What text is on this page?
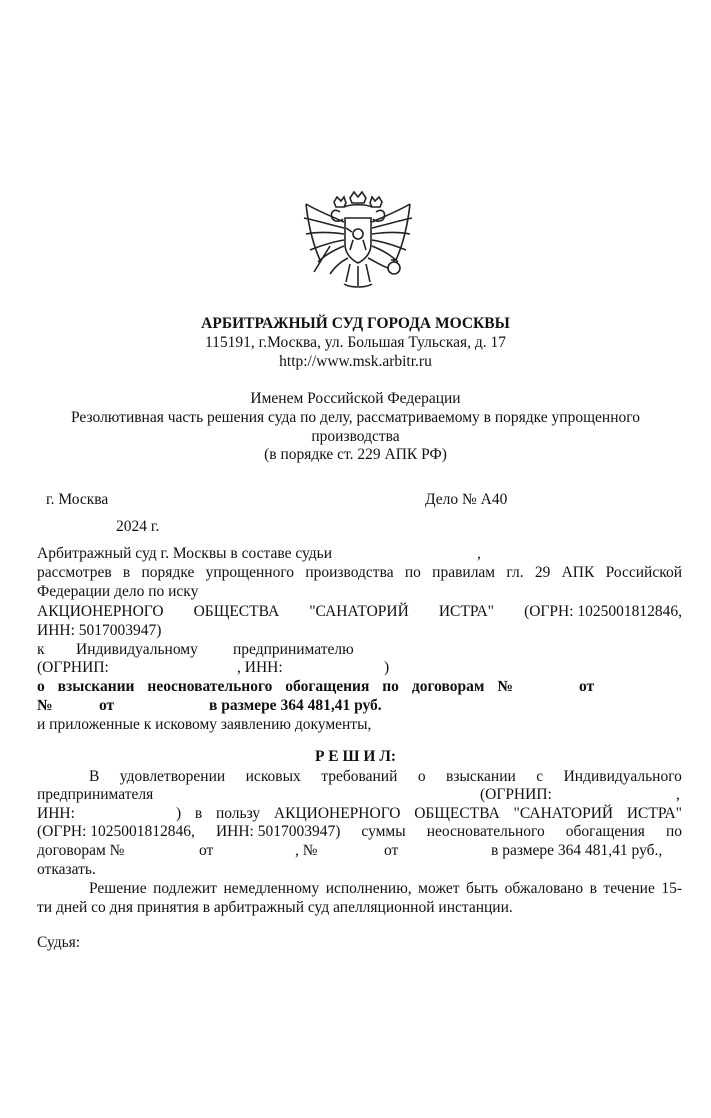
АРБИТРАЖНЫЙ СУД ГОРОДА МОСКВЫ
115191, г.Москва, ул. Большая Тульская, д. 17
http://www.msk.arbitr.ru
Именем Российской Федерации
Резолютивная часть решения суда по делу, рассматриваемому в порядке упрощенного
производства
(в порядке ст. 229 АПК РФ)
г. Москва	Дело № А40
2024 г.
Арбитражный суд г. Москвы в составе судьи	,
рассмотрев в порядке упрощенного производства по правилам гл. 29 АПК Российской
Федерации дело по иску
АКЦИОНЕРНОГО ОБЩЕСТВА "САНАТОРИЙ ИСТРА" (ОГРН: 1025001812846,
ИНН: 5017003947)
к Индивидуальному предпринимателю
(ОГРНИП:	, ИНН:	)
о взыскании неосновательного обогащения по договорам №	от
№	от	в размере 364 481,41 руб.
и приложенные к исковому заявлению документы,
Р Е Ш И Л:
В удовлетворении исковых требований о взыскании с Индивидуального
предпринимателя	(ОГРНИП:	,
ИНН:	) в пользу АКЦИОНЕРНОГО ОБЩЕСТВА "САНАТОРИЙ ИСТРА"
(ОГРН: 1025001812846, ИНН: 5017003947) суммы неосновательного обогащения по
договорам №	от	, №	от	в размере 364 481,41 руб.,
отказать.
Решение подлежит немедленному исполнению, может быть обжаловано в течение 15-
ти дней со дня принятия в арбитражный суд апелляционной инстанции.
Судья:
